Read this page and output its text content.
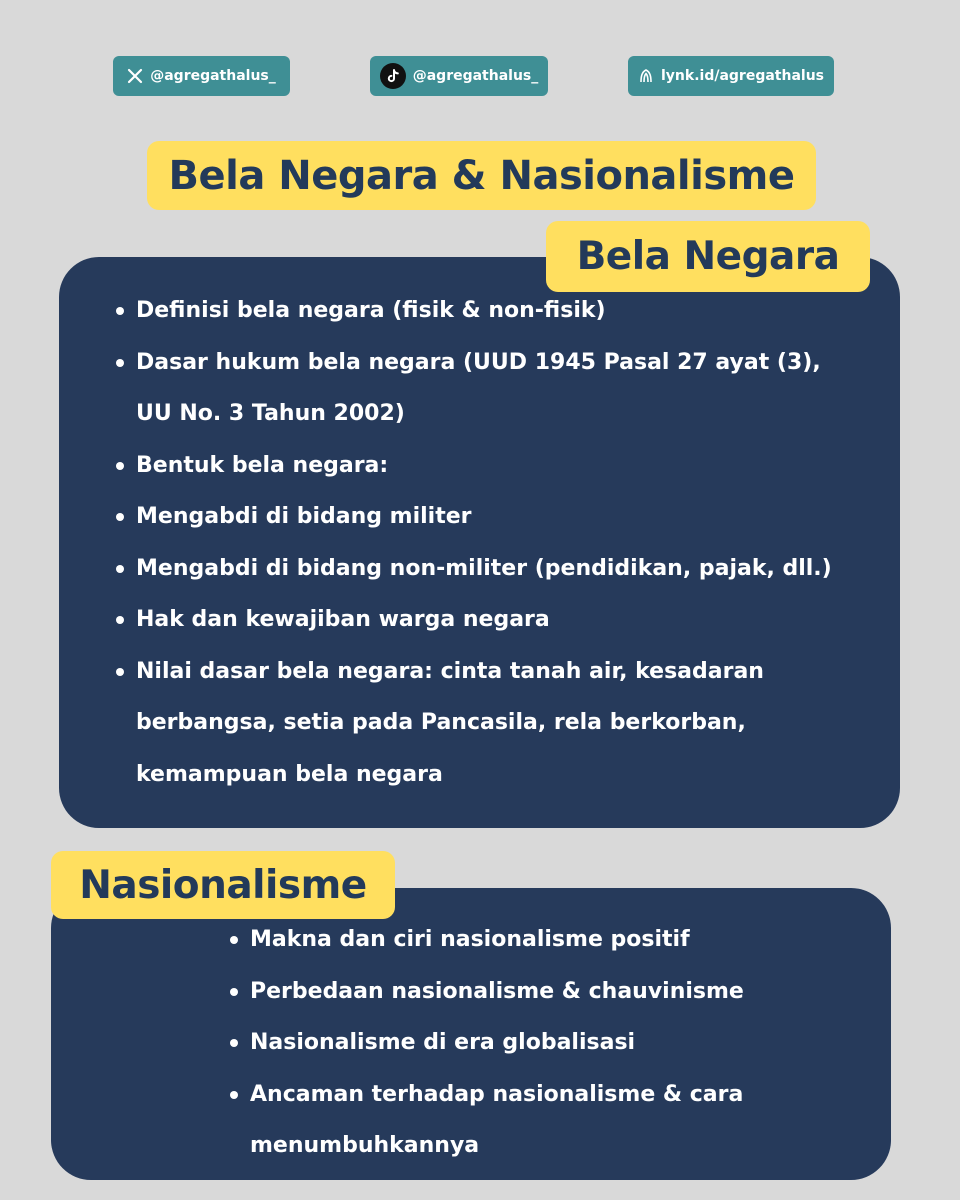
@agregathalus_	@agregathalus_	lynk.id/agregathalus
Bela Negara & Nasionalisme
Bela Negara
Definisi bela negara (fisik & non-fisik)
Dasar hukum bela negara (UUD 1945 Pasal 27 ayat (3), UU No. 3 Tahun 2002)
Bentuk bela negara:
Mengabdi di bidang militer
Mengabdi di bidang non-militer (pendidikan, pajak, dll.)
Hak dan kewajiban warga negara
Nilai dasar bela negara: cinta tanah air, kesadaran berbangsa, setia pada Pancasila, rela berkorban, kemampuan bela negara
Nasionalisme
Makna dan ciri nasionalisme positif
Perbedaan nasionalisme & chauvinisme
Nasionalisme di era globalisasi
Ancaman terhadap nasionalisme & cara menumbuhkannya
